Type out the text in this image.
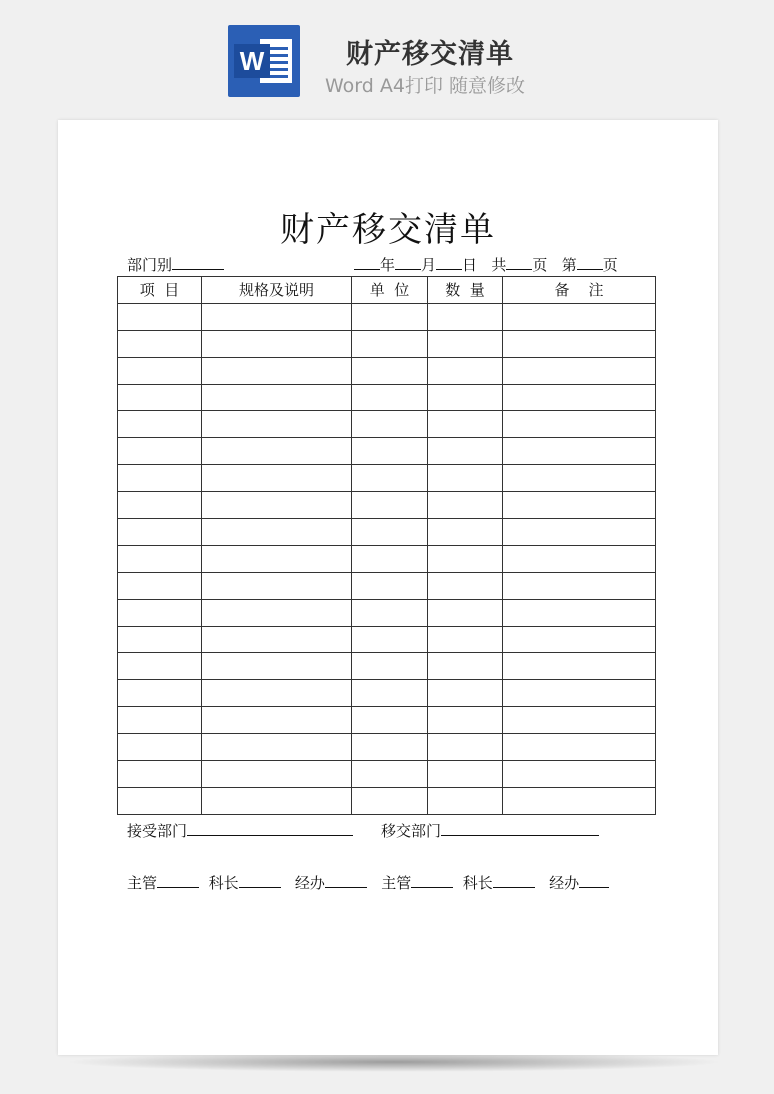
W	财产移交清单
Word A4打印 随意修改
财产移交清单
部门别	年 月 日 共 页 第 页
项  目	规格及说明	单  位	数  量	备    注

接受部门	移交部门
主管	科长	经办	主管	科长	经办
